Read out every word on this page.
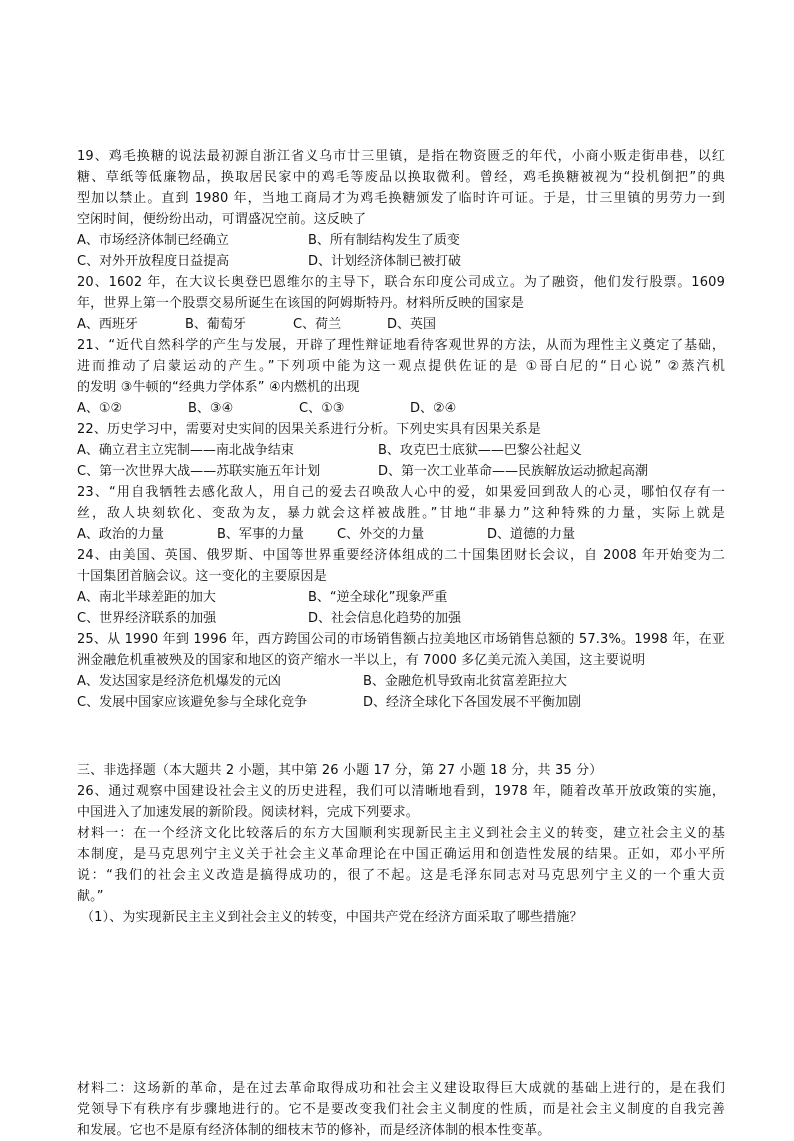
19、鸡毛换糖的说法最初源自浙江省义乌市廿三里镇，是指在物资匮乏的年代，小商小贩走街串巷，以红
糖、草纸等低廉物品，换取居民家中的鸡毛等废品以换取微利。曾经，鸡毛换糖被视为“投机倒把”的典
型加以禁止。直到 1980 年，当地工商局才为鸡毛换糖颁发了临时许可证。于是，廿三里镇的男劳力一到
空闲时间，便纷纷出动，可谓盛况空前。这反映了
A、市场经济体制已经确立	B、所有制结构发生了质变
C、对外开放程度日益提高	D、计划经济体制已被打破
20、1602 年，在大议长奥登巴恩维尔的主导下，联合东印度公司成立。为了融资，他们发行股票。1609
年，世界上第一个股票交易所诞生在该国的阿姆斯特丹。材料所反映的国家是
A、西班牙	B、葡萄牙	C、荷兰	D、英国
21、“近代自然科学的产生与发展，开辟了理性辩证地看待客观世界的方法，从而为理性主义奠定了基础，
进而推动了启蒙运动的产生。”下列项中能为这一观点提供佐证的是 ①哥白尼的“日心说” ②蒸汽机
的发明 ③牛顿的“经典力学体系” ④内燃机的出现
A、①②	B、③④	C、①③	D、②④
22、历史学习中，需要对史实间的因果关系进行分析。下列史实具有因果关系是
A、确立君主立宪制——南北战争结束	B、攻克巴士底狱——巴黎公社起义
C、第一次世界大战——苏联实施五年计划	D、第一次工业革命——民族解放运动掀起高潮
23、“用自我牺牲去感化敌人，用自己的爱去召唤敌人心中的爱，如果爱回到敌人的心灵，哪怕仅存有一
丝，敌人块刻软化、变敌为友，暴力就会这样被战胜。”甘地“非暴力”这种特殊的力量，实际上就是
A、政治的力量	B、军事的力量	C、外交的力量	D、道德的力量
24、由美国、英国、俄罗斯、中国等世界重要经济体组成的二十国集团财长会议，自 2008 年开始变为二
十国集团首脑会议。这一变化的主要原因是
A、南北半球差距的加大	B、“逆全球化”现象严重
C、世界经济联系的加强	D、社会信息化趋势的加强
25、从 1990 年到 1996 年，西方跨国公司的市场销售额占拉美地区市场销售总额的 57.3%。1998 年，在亚
洲金融危机重被殃及的国家和地区的资产缩水一半以上，有 7000 多亿美元流入美国，这主要说明
A、发达国家是经济危机爆发的元凶	B、金融危机导致南北贫富差距拉大
C、发展中国家应该避免参与全球化竞争	D、经济全球化下各国发展不平衡加剧
三、非选择题（本大题共 2 小题，其中第 26 小题 17 分，第 27 小题 18 分，共 35 分）
26、通过观察中国建设社会主义的历史进程，我们可以清晰地看到，1978 年，随着改革开放政策的实施，
中国进入了加速发展的新阶段。阅读材料，完成下列要求。
材料一：在一个经济文化比较落后的东方大国顺利实现新民主主义到社会主义的转变，建立社会主义的基
本制度，是马克思列宁主义关于社会主义革命理论在中国正确运用和创造性发展的结果。正如，邓小平所
说：“我们的社会主义改造是搞得成功的，很了不起。这是毛泽东同志对马克思列宁主义的一个重大贡
献。”
（1）、为实现新民主主义到社会主义的转变，中国共产党在经济方面采取了哪些措施？
材料二：这场新的革命，是在过去革命取得成功和社会主义建设取得巨大成就的基础上进行的，是在我们
党领导下有秩序有步骤地进行的。它不是要改变我们社会主义制度的性质，而是社会主义制度的自我完善
和发展。它也不是原有经济体制的细枝末节的修补，而是经济体制的根本性变革。
